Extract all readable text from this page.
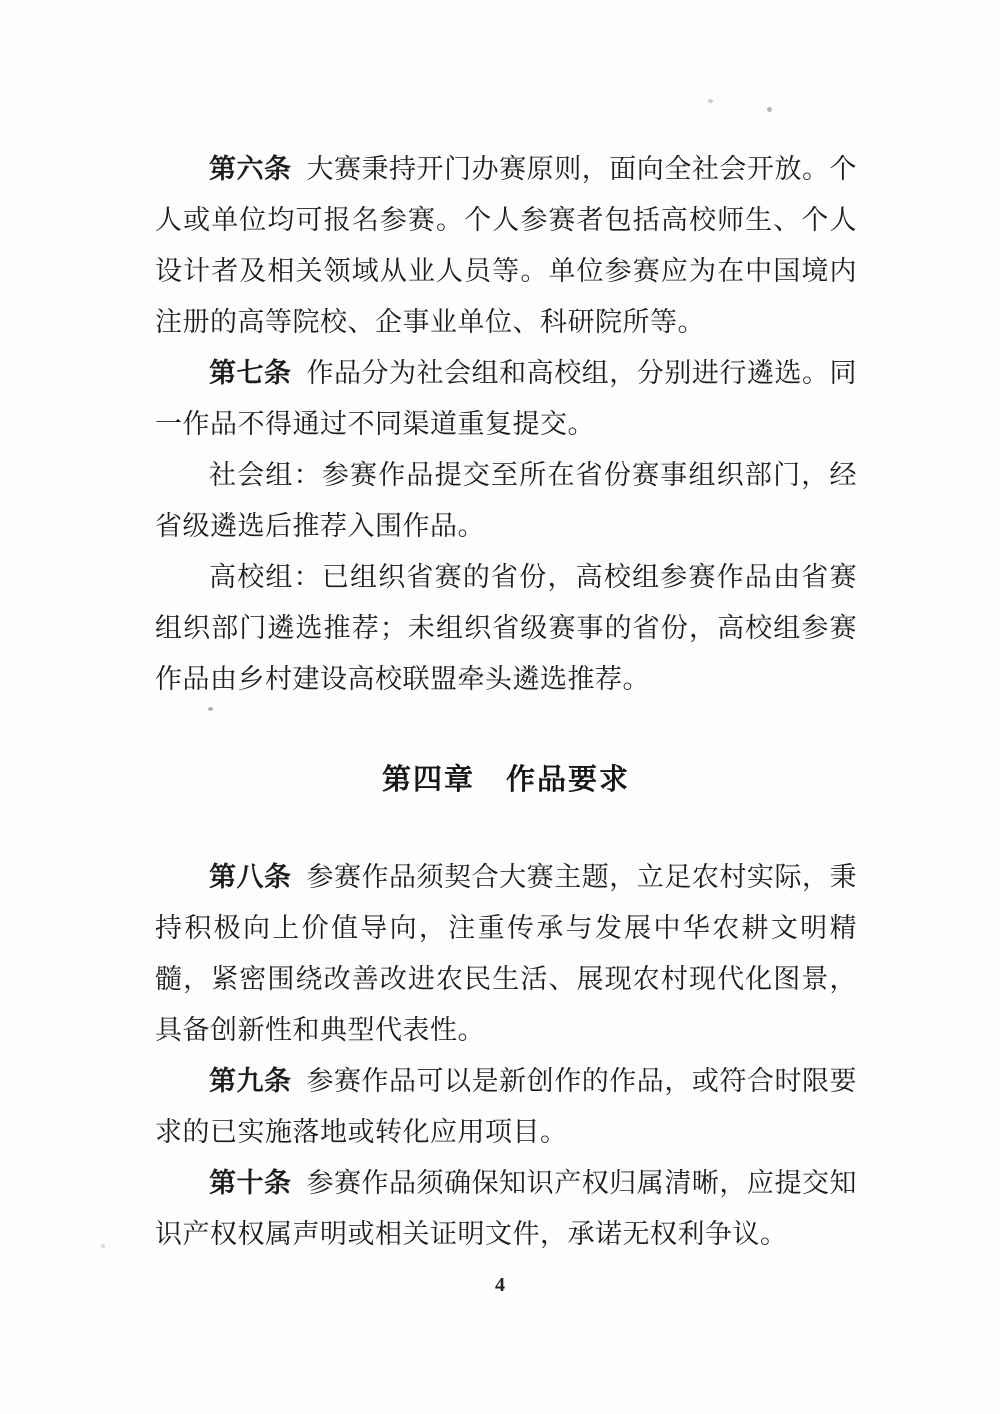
第六条 大赛秉持开门办赛原则，面向全社会开放。个人或单位均可报名参赛。个人参赛者包括高校师生、个人设计者及相关领域从业人员等。单位参赛应为在中国境内注册的高等院校、企事业单位、科研院所等。

第七条 作品分为社会组和高校组，分别进行遴选。同一作品不得通过不同渠道重复提交。

社会组：参赛作品提交至所在省份赛事组织部门，经省级遴选后推荐入围作品。

高校组：已组织省赛的省份，高校组参赛作品由省赛组织部门遴选推荐；未组织省级赛事的省份，高校组参赛作品由乡村建设高校联盟牵头遴选推荐。

第四章　作品要求

第八条 参赛作品须契合大赛主题，立足农村实际，秉持积极向上价值导向，注重传承与发展中华农耕文明精髓，紧密围绕改善改进农民生活、展现农村现代化图景，具备创新性和典型代表性。

第九条 参赛作品可以是新创作的作品，或符合时限要求的已实施落地或转化应用项目。

第十条 参赛作品须确保知识产权归属清晰，应提交知识产权权属声明或相关证明文件，承诺无权利争议。

4
